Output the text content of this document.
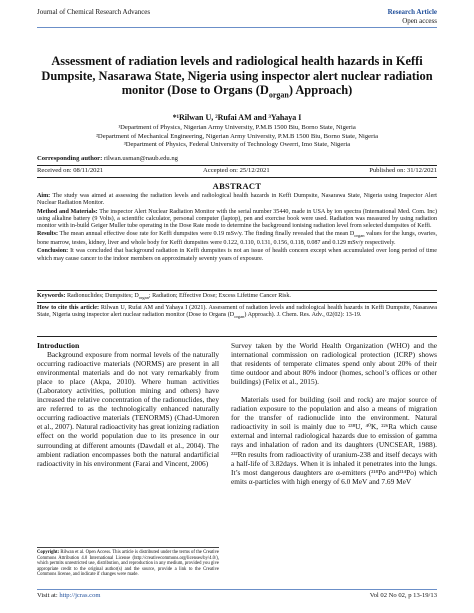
Journal of Chemical Research Advances	Research Article
Open access
Assessment of radiation levels and radiological health hazards in Keffi Dumpsite, Nasarawa State, Nigeria using inspector alert nuclear radiation monitor (Dose to Organs $(D_{organ})$ Approach)
*¹Rilwan U, ²Rufai AM and ³Yahaya I
¹Department of Physics, Nigerian Army University, P.M.B 1500 Biu, Borno State, Nigeria
²Department of Mechanical Engineering, Nigerian Army University, P.M.B 1500 Biu, Borno State, Nigeria
³Department of Physics, Federal University of Technology Owerri, Imo State, Nigeria
Corresponding author: rilwan.usman@naub.edu.ng
Received on: 08/11/2021	Accepted on: 25/12/2021	Published on: 31/12/2021
ABSTRACT

Aim: The study was aimed at assessing the radiation levels and radiological health hazards in Keffi Dumpsite, Nasarawa State, Nigeria using Inspector Alert Nuclear Radiation Monitor.

Method and Materials: The inspector Alert Nuclear Radiation Monitor with the serial number 35440, made in USA by ion spectra (International Med. Com. Inc) using alkaline battery (9 Volts), a scientific calculator, personal computer (laptop), pen and exercise book were used. Radiation was measured by using radiation monitor with in-build Geiger Muller tube operating in the Dose Rate mode to determine the background ionising radiation level from selected dumpsites of Keffi.

Results: The mean annual effective dose rate for Keffi dumpsites were 0.19 mSv/y. The finding finally revealed that the mean $D_{organ}$ values for the lungs, ovaries, bone marrow, testes, kidney, liver and whole body for Keffi dumpsites were 0.122, 0.110, 0.131, 0.156, 0.118, 0.087 and 0.129 mSv/y respectively.

Conclusion: It was concluded that background radiation in Keffi dumpsites is not an issue of health concern except when accumulated over long period of time which may cause cancer to the indoor members on approximately seventy years of exposure.

Keywords: Radionuclides; Dumpsites; $D_{organ}$; Radiation; Effective Dose; Excess Lifetime Cancer Risk.
How to cite this article: Rilwan U, Rufai AM and Yahaya I (2021). Assessment of radiation levels and radiological health hazards in Keffi Dumpsite, Nasarawa State, Nigeria using inspector alert nuclear radiation monitor (Dose to Organs $(D_{organ})$ Approach). J. Chem. Res. Adv., 02(02): 13-19.
Introduction

Background exposure from normal levels of the naturally occurring radioactive materials (NORMS) are present in all environmental materials and do not vary remarkably from place to place (Akpa, 2010). Where human activities (Laboratory activities, pollution mining and others) have increased the relative concentration of the radionuclides, they are referred to as the technologically enhanced naturally occurring radioactive materials (TENORMS) (Chad-Umoren et al., 2007). Natural radioactivity has great ionizing radiation effect on the world population due to its presence in our surrounding at different amounts (Dawdall et al., 2004). The ambient radiation encompasses both the natural andartificial radioactivity in his environment (Farai and Vincent, 2006)

Survey taken by the World Health Organization (WHO) and the international commission on radiological protection (ICRP) shows that residents of temperate climates spend only about 20% of their time outdoor and about 80% indoor (homes, school’s offices or other buildings) (Felix et al., 2015).

Materials used for building (soil and rock) are major source of radiation exposure to the population and also a means of migration for the transfer of radionuclide into the environment. Natural radioactivity in soil is mainly due to ²³⁸U, ⁴⁰K, ²²⁶Ra which cause external and internal radiological hazards due to emission of gamma rays and inhalation of radon and its daughters (UNCSEAR, 1988). ²²²Rn results from radioactivity of uranium-238 and itself decays with a half-life of 3.82days. When it is inhaled it penetrates into the lungs. It’s most dangerous daughters are α-emitters (²¹⁸Po and²¹⁴Po) which emits α-particles with high energy of 6.0 MeV and 7.69 MeV

Copyright: Rilwan et al. Open Access. This article is distributed under the terms of the Creative Commons Attribution 4.0 International License (http://creativecommons.org/licenses/by/4.0/), which permits unrestricted use, distribution, and reproduction in any medium, provided you give appropriate credit to the original author(s) and the source, provide a link to the Creative Commons license, and indicate if changes were made.
Visit at: http://jcras.com	Vol 02 No 02, p 13-19/13
